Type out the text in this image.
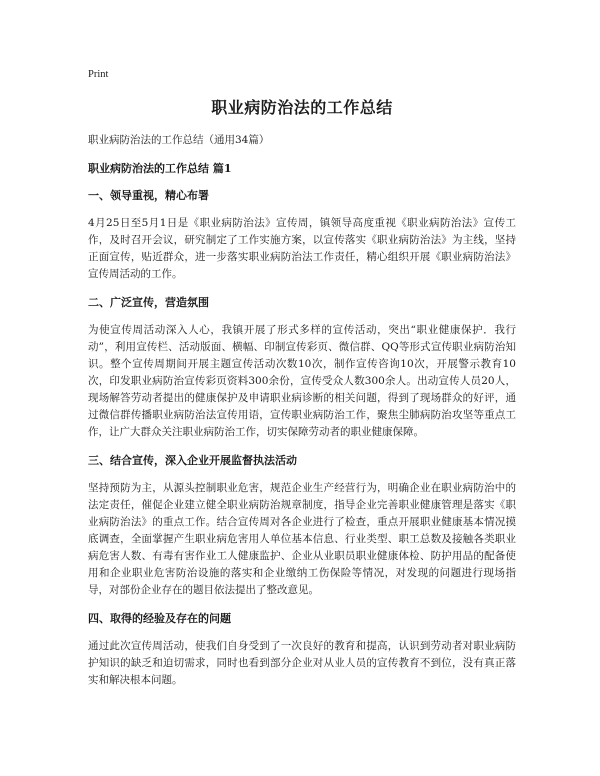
Print
职业病防治法的工作总结

职业病防治法的工作总结（通用34篇）

职业病防治法的工作总结 篇1

一、领导重视，精心布署

4月25日至5月1日是《职业病防治法》宣传周，镇领导高度重视《职业病防治法》宣传工作，及时召开会议，研究制定了工作实施方案，以宣传落实《职业病防治法》为主线，坚持正面宣传，贴近群众，进一步落实职业病防治法工作责任，精心组织开展《职业病防治法》宣传周活动的工作。

二、广泛宣传，营造氛围

为使宣传周活动深入人心，我镇开展了形式多样的宣传活动，突出“职业健康保护．我行动”，利用宣传栏、活动版面、横幅、印制宣传彩页、微信群、QQ等形式宣传职业病防治知识。整个宣传周期间开展主题宣传活动次数10次，制作宣传咨询10次，开展警示教育10次，印发职业病防治宣传彩页资料300余份，宣传受众人数300余人。出动宣传人员20人，现场解答劳动者提出的健康保护及申请职业病诊断的相关问题，得到了现场群众的好评，通过微信群传播职业病防治法宣传用语，宣传职业病防治工作，聚焦尘肺病防治攻坚等重点工作，让广大群众关注职业病防治工作，切实保障劳动者的职业健康保障。

三、结合宣传，深入企业开展监督执法活动

坚持预防为主，从源头控制职业危害，规范企业生产经营行为，明确企业在职业病防治中的法定责任，催促企业建立健全职业病防治规章制度，指导企业完善职业健康管理是落实《职业病防治法》的重点工作。结合宣传周对各企业进行了检查，重点开展职业健康基本情况摸底调查，全面掌握产生职业病危害用人单位基本信息、行业类型、职工总数及接触各类职业病危害人数、有毒有害作业工人健康监护、企业从业职员职业健康体检、防护用品的配备使用和企业职业危害防治设施的落实和企业缴纳工伤保险等情况，对发现的问题进行现场指导，对部份企业存在的题目依法提出了整改意见。

四、取得的经验及存在的问题

通过此次宣传周活动，使我们自身受到了一次良好的教育和提高，认识到劳动者对职业病防护知识的缺乏和迫切需求，同时也看到部分企业对从业人员的宣传教育不到位，没有真正落实和解决根本问题。
